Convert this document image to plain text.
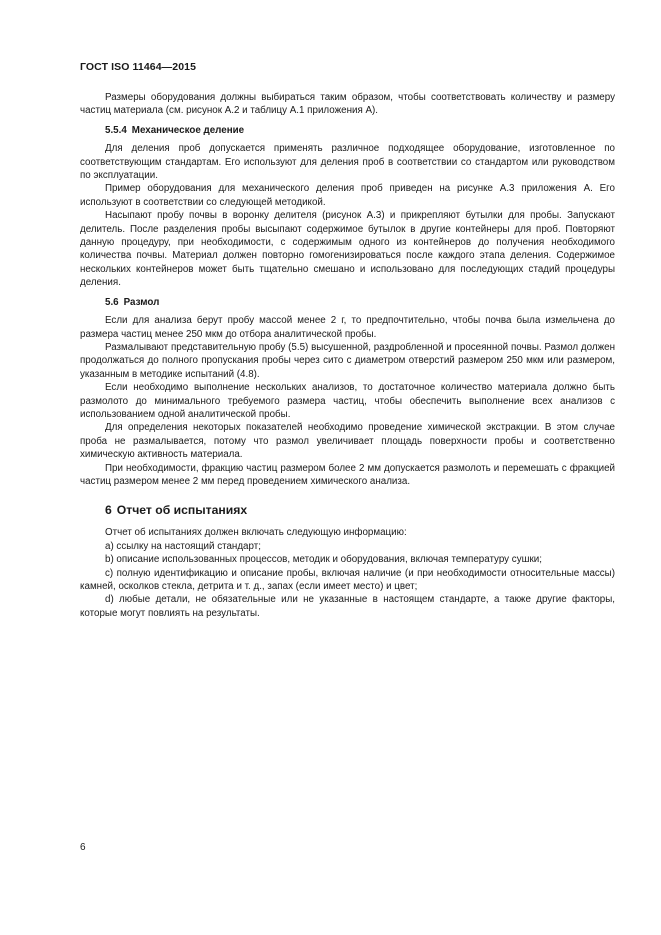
ГОСТ ISO 11464—2015

Размеры оборудования должны выбираться таким образом, чтобы соответствовать количеству и размеру частиц материала (см. рисунок А.2 и таблицу А.1 приложения А).

5.5.4 Механическое деление

Для деления проб допускается применять различное подходящее оборудование, изготовленное по соответствующим стандартам. Его используют для деления проб в соответствии со стандартом или руководством по эксплуатации.

Пример оборудования для механического деления проб приведен на рисунке А.3 приложения А. Его используют в соответствии со следующей методикой.

Насыпают пробу почвы в воронку делителя (рисунок А.3) и прикрепляют бутылки для пробы. Запускают делитель. После разделения пробы высыпают содержимое бутылок в другие контейнеры для проб. Повторяют данную процедуру, при необходимости, с содержимым одного из контейнеров до получения необходимого количества почвы. Материал должен повторно гомогенизироваться после каждого этапа деления. Содержимое нескольких контейнеров может быть тщательно смешано и использовано для последующих стадий процедуры деления.

5.6 Размол

Если для анализа берут пробу массой менее 2 г, то предпочтительно, чтобы почва была измельчена до размера частиц менее 250 мкм до отбора аналитической пробы.

Размалывают представительную пробу (5.5) высушенной, раздробленной и просеянной почвы. Размол должен продолжаться до полного пропускания пробы через сито с диаметром отверстий размером 250 мкм или размером, указанным в методике испытаний (4.8).

Если необходимо выполнение нескольких анализов, то достаточное количество материала должно быть размолото до минимального требуемого размера частиц, чтобы обеспечить выполнение всех анализов с использованием одной аналитической пробы.

Для определения некоторых показателей необходимо проведение химической экстракции. В этом случае проба не размалывается, потому что размол увеличивает площадь поверхности пробы и соответственно химическую активность материала.

При необходимости, фракцию частиц размером более 2 мм допускается размолоть и перемешать с фракцией частиц размером менее 2 мм перед проведением химического анализа.

6 Отчет об испытаниях

Отчет об испытаниях должен включать следующую информацию:

a) ссылку на настоящий стандарт;

b) описание использованных процессов, методик и оборудования, включая температуру сушки;

c) полную идентификацию и описание пробы, включая наличие (и при необходимости относительные массы) камней, осколков стекла, детрита и т. д., запах (если имеет место) и цвет;

d) любые детали, не обязательные или не указанные в настоящем стандарте, а также другие факторы, которые могут повлиять на результаты.

6
